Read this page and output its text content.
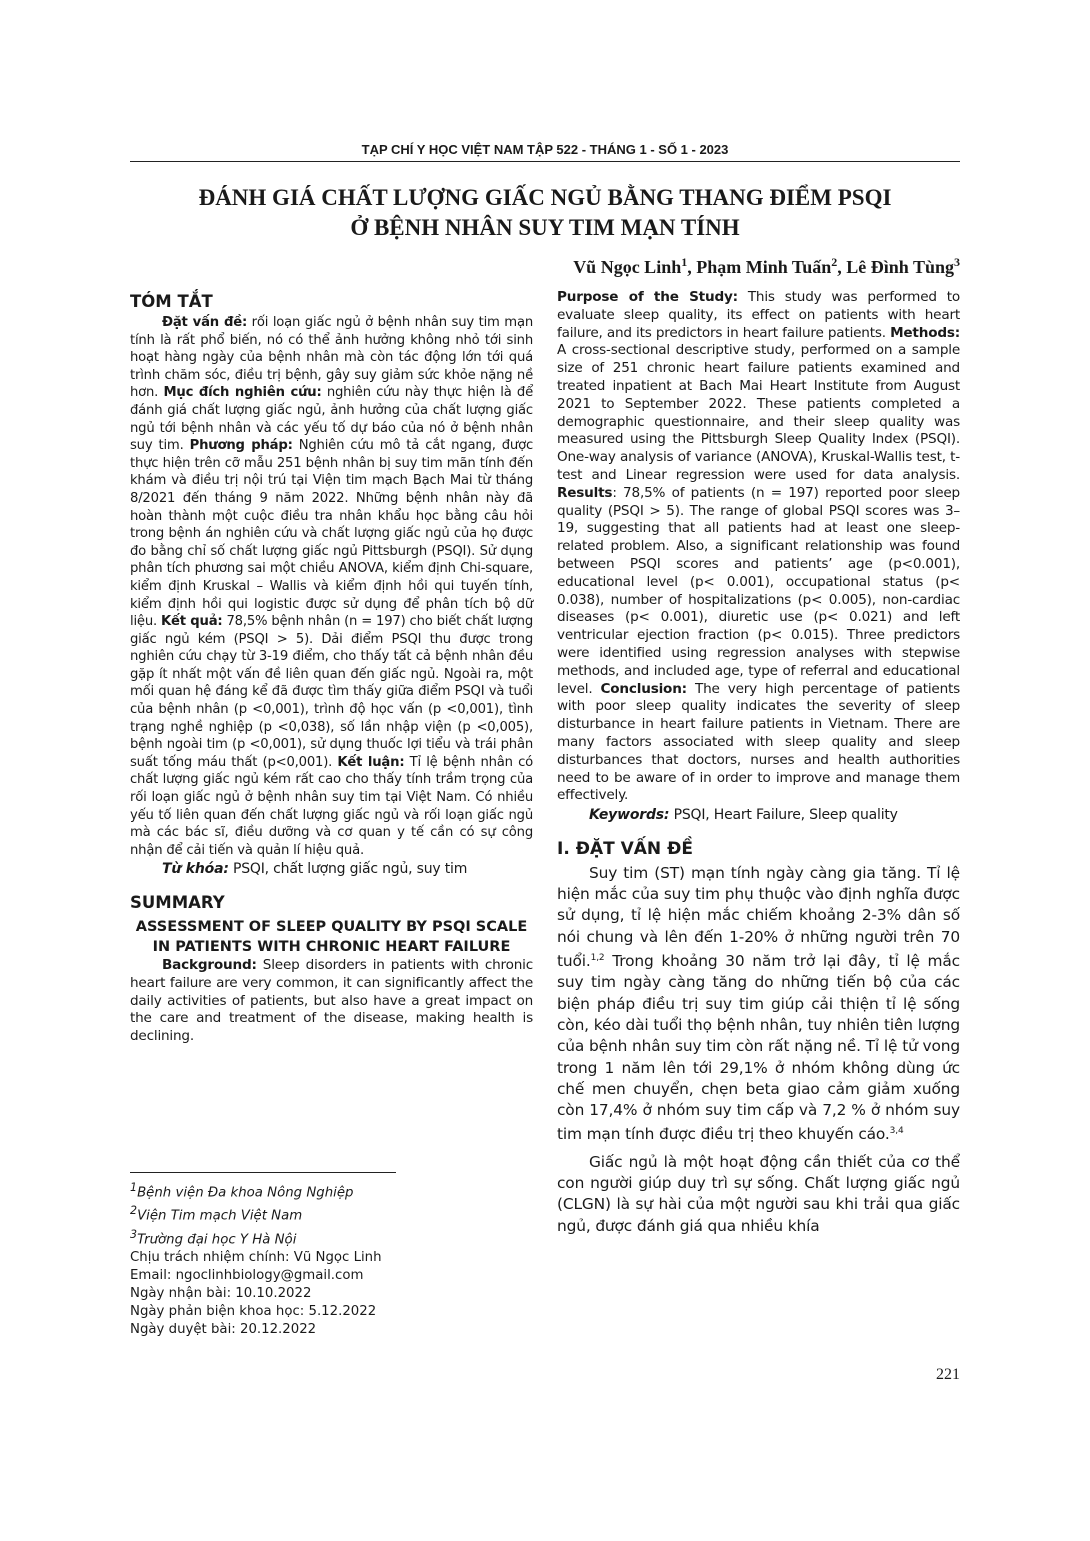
TẠP CHÍ Y HỌC VIỆT NAM TẬP 522 - THÁNG 1 - SỐ 1 - 2023
ĐÁNH GIÁ CHẤT LƯỢNG GIẤC NGỦ BẰNG THANG ĐIỂM PSQI
Ở BỆNH NHÂN SUY TIM MẠN TÍNH
Vũ Ngọc Linh$^1$, Phạm Minh Tuấn$^2$, Lê Đình Tùng$^3$
TÓM TẮT

Đặt vấn đề: rối loạn giấc ngủ ở bệnh nhân suy tim mạn tính là rất phổ biến, nó có thể ảnh hưởng không nhỏ tới sinh hoạt hàng ngày của bệnh nhân mà còn tác động lớn tới quá trình chăm sóc, điều trị bệnh, gây suy giảm sức khỏe nặng nề hơn. Mục đích nghiên cứu: nghiên cứu này thực hiện là để đánh giá chất lượng giấc ngủ, ảnh hưởng của chất lượng giấc ngủ tới bệnh nhân và các yếu tố dự báo của nó ở bệnh nhân suy tim. Phương pháp: Nghiên cứu mô tả cắt ngang, được thực hiện trên cỡ mẫu 251 bệnh nhân bị suy tim mãn tính đến khám và điều trị nội trú tại Viện tim mạch Bạch Mai từ tháng 8/2021 đến tháng 9 năm 2022. Những bệnh nhân này đã hoàn thành một cuộc điều tra nhân khẩu học bằng câu hỏi trong bệnh án nghiên cứu và chất lượng giấc ngủ của họ được đo bằng chỉ số chất lượng giấc ngủ Pittsburgh (PSQI). Sử dụng phân tích phương sai một chiều ANOVA, kiểm định Chi-square, kiểm định Kruskal – Wallis và kiểm định hồi qui tuyến tính, kiểm định hồi qui logistic được sử dụng để phân tích bộ dữ liệu. Kết quả: 78,5% bệnh nhân (n = 197) cho biết chất lượng giấc ngủ kém (PSQI > 5). Dải điểm PSQI thu được trong nghiên cứu chạy từ 3-19 điểm, cho thấy tất cả bệnh nhân đều gặp ít nhất một vấn đề liên quan đến giấc ngủ. Ngoài ra, một mối quan hệ đáng kể đã được tìm thấy giữa điểm PSQI và tuổi của bệnh nhân (p <0,001), trình độ học vấn (p <0,001), tình trạng nghề nghiệp (p <0,038), số lần nhập viện (p <0,005), bệnh ngoài tim (p <0,001), sử dụng thuốc lợi tiểu và trái phân suất tống máu thất (p<0,001). Kết luận: Tỉ lệ bệnh nhân có chất lượng giấc ngủ kém rất cao cho thấy tính trầm trọng của rối loạn giấc ngủ ở bệnh nhân suy tim tại Việt Nam. Có nhiều yếu tố liên quan đến chất lượng giấc ngủ và rối loạn giấc ngủ mà các bác sĩ, điều dưỡng và cơ quan y tế cần có sự công nhận để cải tiến và quản lí hiệu quả.

Từ khóa: PSQI, chất lượng giấc ngủ, suy tim

SUMMARY

ASSESSMENT OF SLEEP QUALITY BY PSQI SCALE IN PATIENTS WITH CHRONIC HEART FAILURE

Background: Sleep disorders in patients with chronic heart failure are very common, it can significantly affect the daily activities of patients, but also have a great impact on the care and treatment of the disease, making health is declining.

$^1$Bệnh viện Đa khoa Nông Nghiệp

$^2$Viện Tim mạch Việt Nam

$^3$Trường đại học Y Hà Nội

Chịu trách nhiệm chính: Vũ Ngọc Linh

Email: ngoclinhbiology@gmail.com

Ngày nhận bài: 10.10.2022

Ngày phản biện khoa học: 5.12.2022

Ngày duyệt bài: 20.12.2022

Purpose of the Study: This study was performed to evaluate sleep quality, its effect on patients with heart failure, and its predictors in heart failure patients. Methods: A cross-sectional descriptive study, performed on a sample size of 251 chronic heart failure patients examined and treated inpatient at Bach Mai Heart Institute from August 2021 to September 2022. These patients completed a demographic questionnaire, and their sleep quality was measured using the Pittsburgh Sleep Quality Index (PSQI). One-way analysis of variance (ANOVA), Kruskal-Wallis test, t-test and Linear regression were used for data analysis. Results: 78,5% of patients (n = 197) reported poor sleep quality (PSQI > 5). The range of global PSQI scores was 3–19, suggesting that all patients had at least one sleep-related problem. Also, a significant relationship was found between PSQI scores and patients’ age (p<0.001), educational level (p< 0.001), occupational status (p< 0.038), number of hospitalizations (p< 0.005), non-cardiac diseases (p< 0.001), diuretic use (p< 0.021) and left ventricular ejection fraction (p< 0.015). Three predictors were identified using regression analyses with stepwise methods, and included age, type of referral and educational level. Conclusion: The very high percentage of patients with poor sleep quality indicates the severity of sleep disturbance in heart failure patients in Vietnam. There are many factors associated with sleep quality and sleep disturbances that doctors, nurses and health authorities need to be aware of in order to improve and manage them effectively.

Keywords: PSQI, Heart Failure, Sleep quality

I. ĐẶT VẤN ĐỀ

Suy tim (ST) mạn tính ngày càng gia tăng. Tỉ lệ hiện mắc của suy tim phụ thuộc vào định nghĩa được sử dụng, tỉ lệ hiện mắc chiếm khoảng 2-3% dân số nói chung và lên đến 1-20% ở những người trên 70 tuổi.$^{1,2}$ Trong khoảng 30 năm trở lại đây, tỉ lệ mắc suy tim ngày càng tăng do những tiến bộ của các biện pháp điều trị suy tim giúp cải thiện tỉ lệ sống còn, kéo dài tuổi thọ bệnh nhân, tuy nhiên tiên lượng của bệnh nhân suy tim còn rất nặng nề. Tỉ lệ tử vong trong 1 năm lên tới 29,1% ở nhóm không dùng ức chế men chuyển, chẹn beta giao cảm giảm xuống còn 17,4% ở nhóm suy tim cấp và 7,2 % ở nhóm suy tim mạn tính được điều trị theo khuyến cáo.$^{3,4}$

Giấc ngủ là một hoạt động cần thiết của cơ thể con người giúp duy trì sự sống. Chất lượng giấc ngủ (CLGN) là sự hài của một người sau khi trải qua giấc ngủ, được đánh giá qua nhiều khía

221
